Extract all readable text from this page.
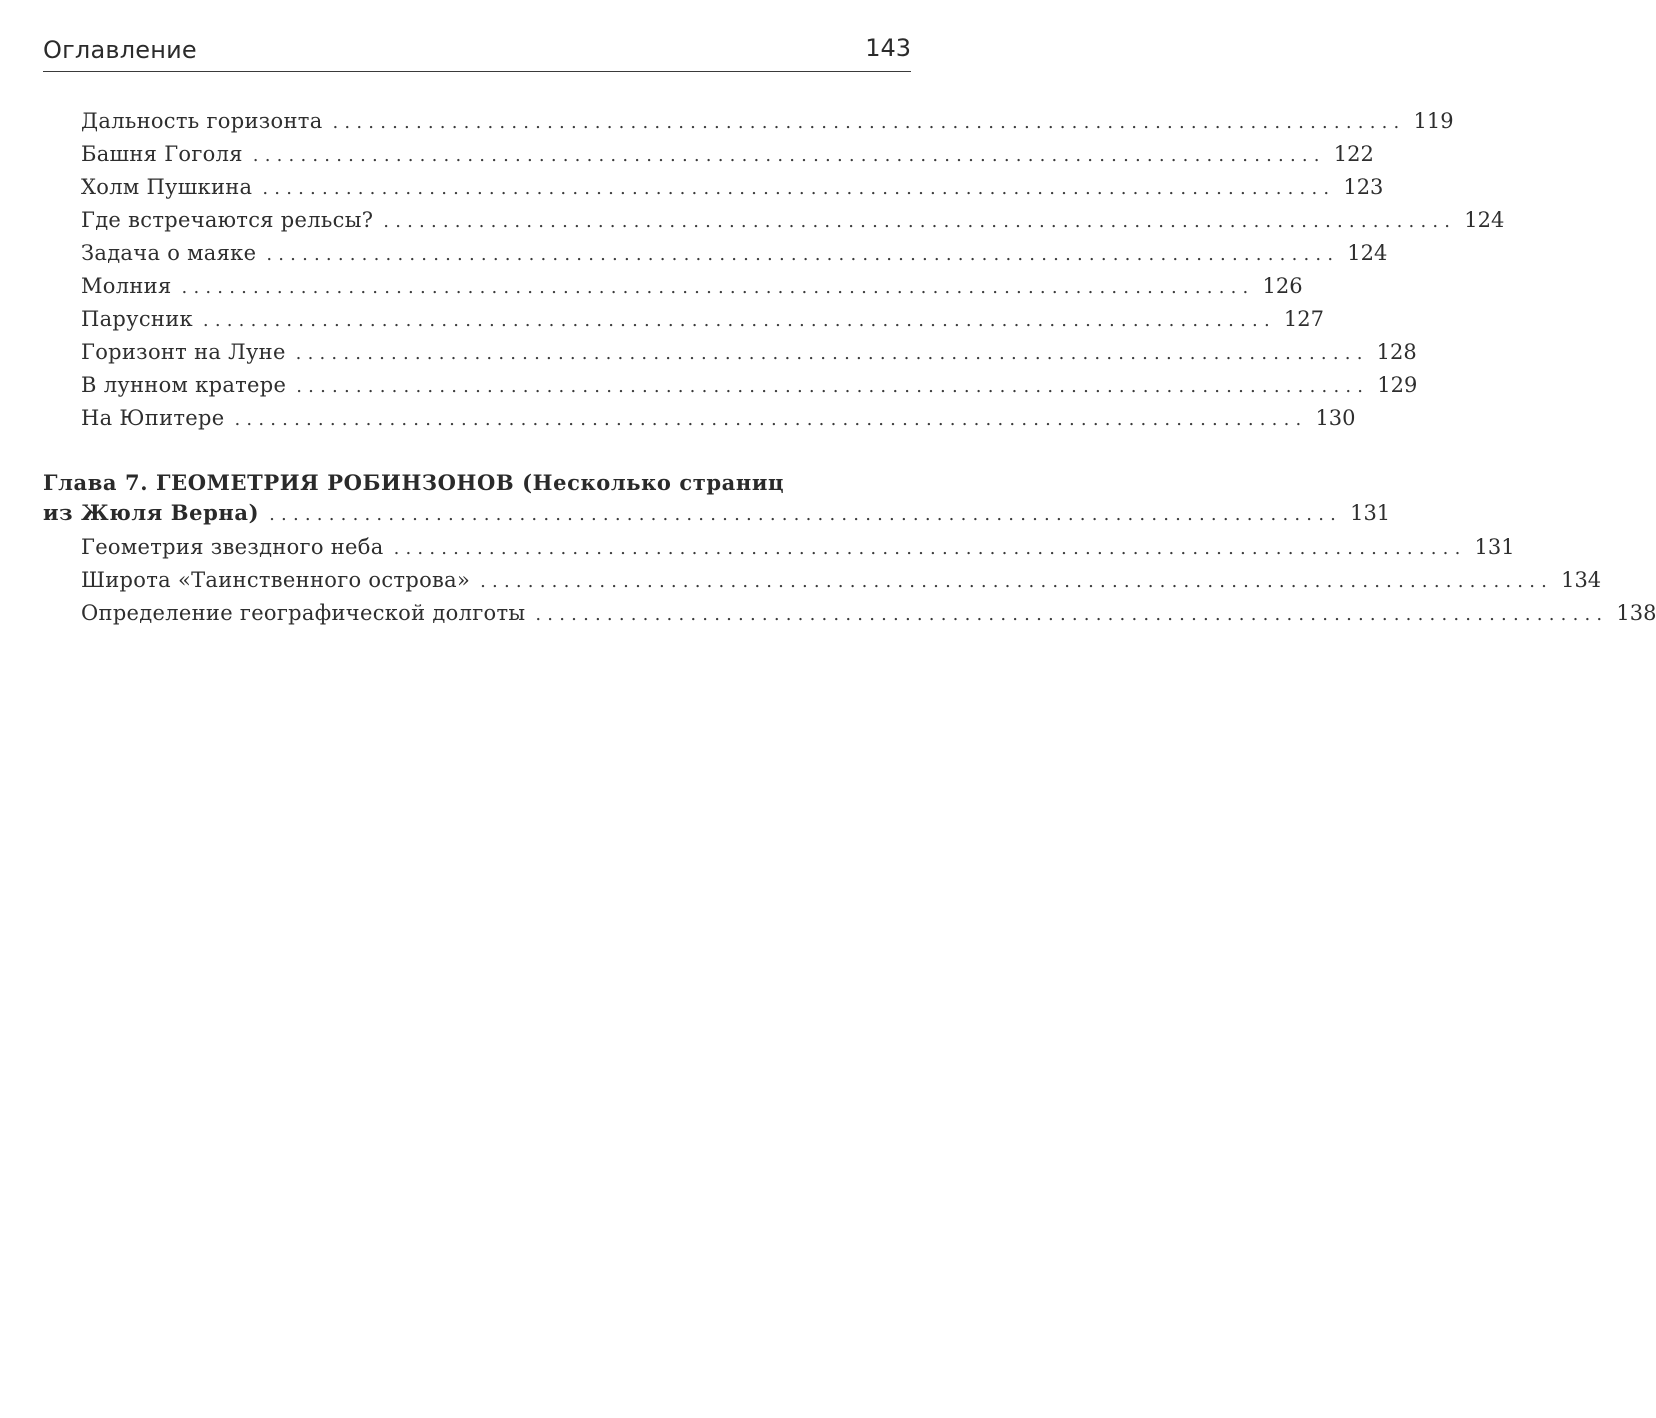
Оглавление	143
Дальность горизонта .......................................................................................... 119
Башня Гоголя .......................................................................................... 122
Холм Пушкина .......................................................................................... 123
Где встречаются рельсы? .......................................................................................... 124
Задача о маяке .......................................................................................... 124
Молния .......................................................................................... 126
Парусник .......................................................................................... 127
Горизонт на Луне .......................................................................................... 128
В лунном кратере .......................................................................................... 129
На Юпитере .......................................................................................... 130
Глава 7. ГЕОМЕТРИЯ РОБИНЗОНОВ (Несколько страниц
из Жюля Верна) .......................................................................................... 131
Геометрия звездного неба .......................................................................................... 131
Широта «Таинственного острова» .......................................................................................... 134
Определение географической долготы .......................................................................................... 138
